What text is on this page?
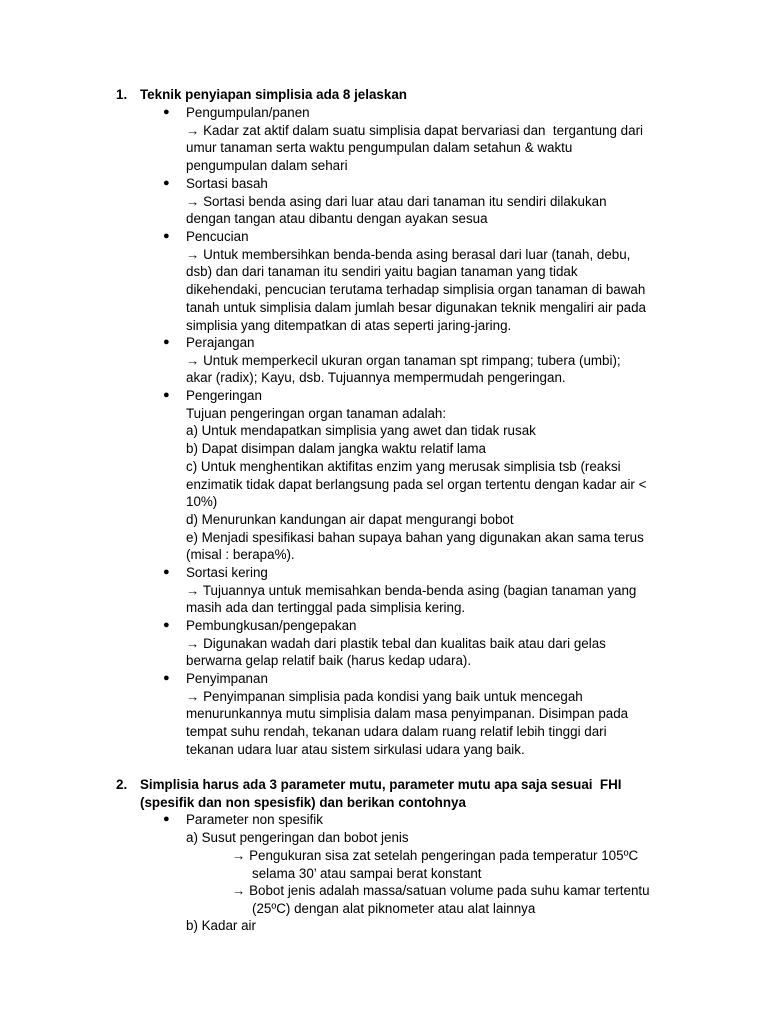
1. Teknik penyiapan simplisia ada 8 jelaskan
● Pengumpulan/panen
→ Kadar zat aktif dalam suatu simplisia dapat bervariasi dan  tergantung dari
umur tanaman serta waktu pengumpulan dalam setahun & waktu
pengumpulan dalam sehari
● Sortasi basah
→ Sortasi benda asing dari luar atau dari tanaman itu sendiri dilakukan
dengan tangan atau dibantu dengan ayakan sesua
● Pencucian
→ Untuk membersihkan benda-benda asing berasal dari luar (tanah, debu,
dsb) dan dari tanaman itu sendiri yaitu bagian tanaman yang tidak
dikehendaki, pencucian terutama terhadap simplisia organ tanaman di bawah
tanah untuk simplisia dalam jumlah besar digunakan teknik mengaliri air pada
simplisia yang ditempatkan di atas seperti jaring-jaring.
● Perajangan
→ Untuk memperkecil ukuran organ tanaman spt rimpang; tubera (umbi);
akar (radix); Kayu, dsb. Tujuannya mempermudah pengeringan.
● Pengeringan
Tujuan pengeringan organ tanaman adalah:
a) Untuk mendapatkan simplisia yang awet dan tidak rusak
b) Dapat disimpan dalam jangka waktu relatif lama
c) Untuk menghentikan aktifitas enzim yang merusak simplisia tsb (reaksi
enzimatik tidak dapat berlangsung pada sel organ tertentu dengan kadar air <
10%)
d) Menurunkan kandungan air dapat mengurangi bobot
e) Menjadi spesifikasi bahan supaya bahan yang digunakan akan sama terus
(misal : berapa%).
● Sortasi kering
→ Tujuannya untuk memisahkan benda-benda asing (bagian tanaman yang
masih ada dan tertinggal pada simplisia kering.
● Pembungkusan/pengepakan
→ Digunakan wadah dari plastik tebal dan kualitas baik atau dari gelas
berwarna gelap relatif baik (harus kedap udara).
● Penyimpanan
→ Penyimpanan simplisia pada kondisi yang baik untuk mencegah
menurunkannya mutu simplisia dalam masa penyimpanan. Disimpan pada
tempat suhu rendah, tekanan udara dalam ruang relatif lebih tinggi dari
tekanan udara luar atau sistem sirkulasi udara yang baik.
2. Simplisia harus ada 3 parameter mutu, parameter mutu apa saja sesuai  FHI
(spesifik dan non spesisfik) dan berikan contohnya
● Parameter non spesifik
a) Susut pengeringan dan bobot jenis
→ Pengukuran sisa zat setelah pengeringan pada temperatur 105ºC
selama 30’ atau sampai berat konstant
→ Bobot jenis adalah massa/satuan volume pada suhu kamar tertentu
(25ºC) dengan alat piknometer atau alat lainnya
b) Kadar air
